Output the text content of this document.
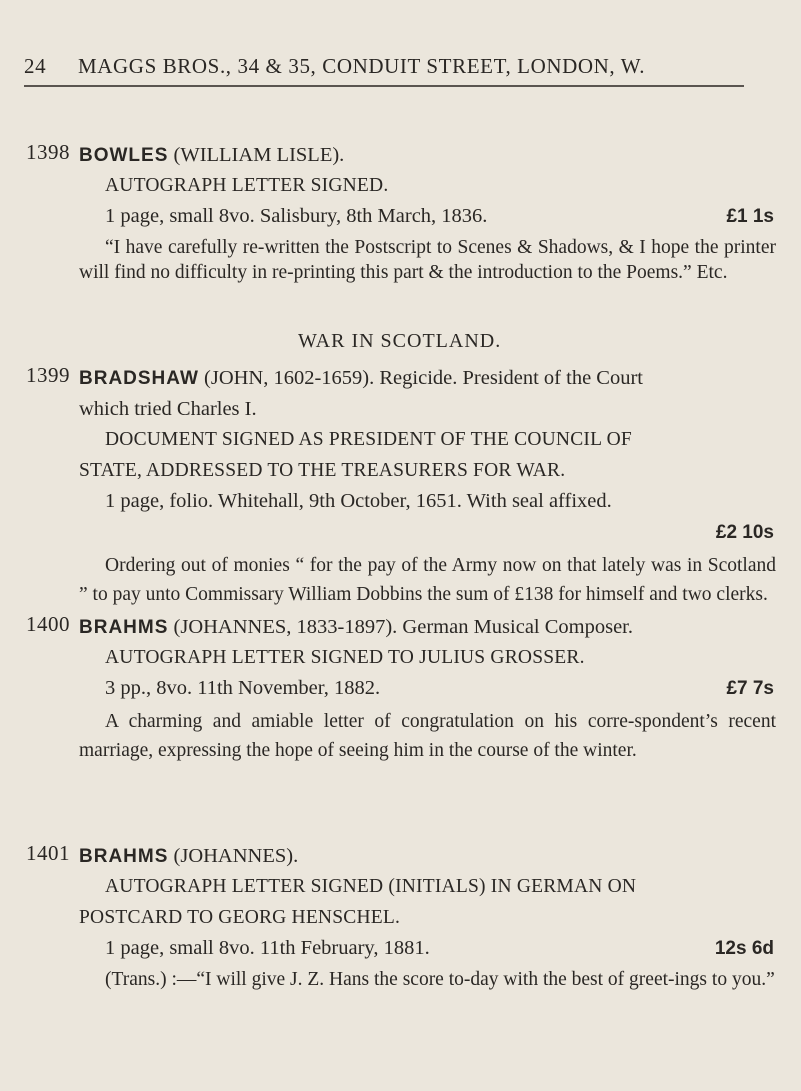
24 MAGGS BROS., 34 & 35, CONDUIT STREET, LONDON, W.
1398 BOWLES (WILLIAM LISLE).
AUTOGRAPH LETTER SIGNED.
1 page, small 8vo. Salisbury, 8th March, 1836.	£1 1s
“I have carefully re-written the Postscript to Scenes & Shadows, & I hope the printer will find no difficulty in re-printing this part & the introduction to the Poems.” Etc.
WAR IN SCOTLAND.
1399 BRADSHAW (JOHN, 1602-1659). Regicide. President of the Court
which tried Charles I.
DOCUMENT SIGNED AS PRESIDENT OF THE COUNCIL OF
STATE, ADDRESSED TO THE TREASURERS FOR WAR.
1 page, folio. Whitehall, 9th October, 1651. With seal affixed.
£2 10s
Ordering out of monies “ for the pay of the Army now on that lately was in Scotland ” to pay unto Commissary William Dobbins the sum of £138 for himself and two clerks.
1400 BRAHMS (JOHANNES, 1833-1897). German Musical Composer.
AUTOGRAPH LETTER SIGNED TO JULIUS GROSSER.
3 pp., 8vo. 11th November, 1882.	£7 7s
A charming and amiable letter of congratulation on his corre-spondent’s recent marriage, expressing the hope of seeing him in the course of the winter.
1401 BRAHMS (JOHANNES).
AUTOGRAPH LETTER SIGNED (INITIALS) IN GERMAN ON
POSTCARD TO GEORG HENSCHEL.
1 page, small 8vo. 11th February, 1881.	12s 6d
(Trans.) :—“I will give J. Z. Hans the score to-day with the best of greet-ings to you.”
